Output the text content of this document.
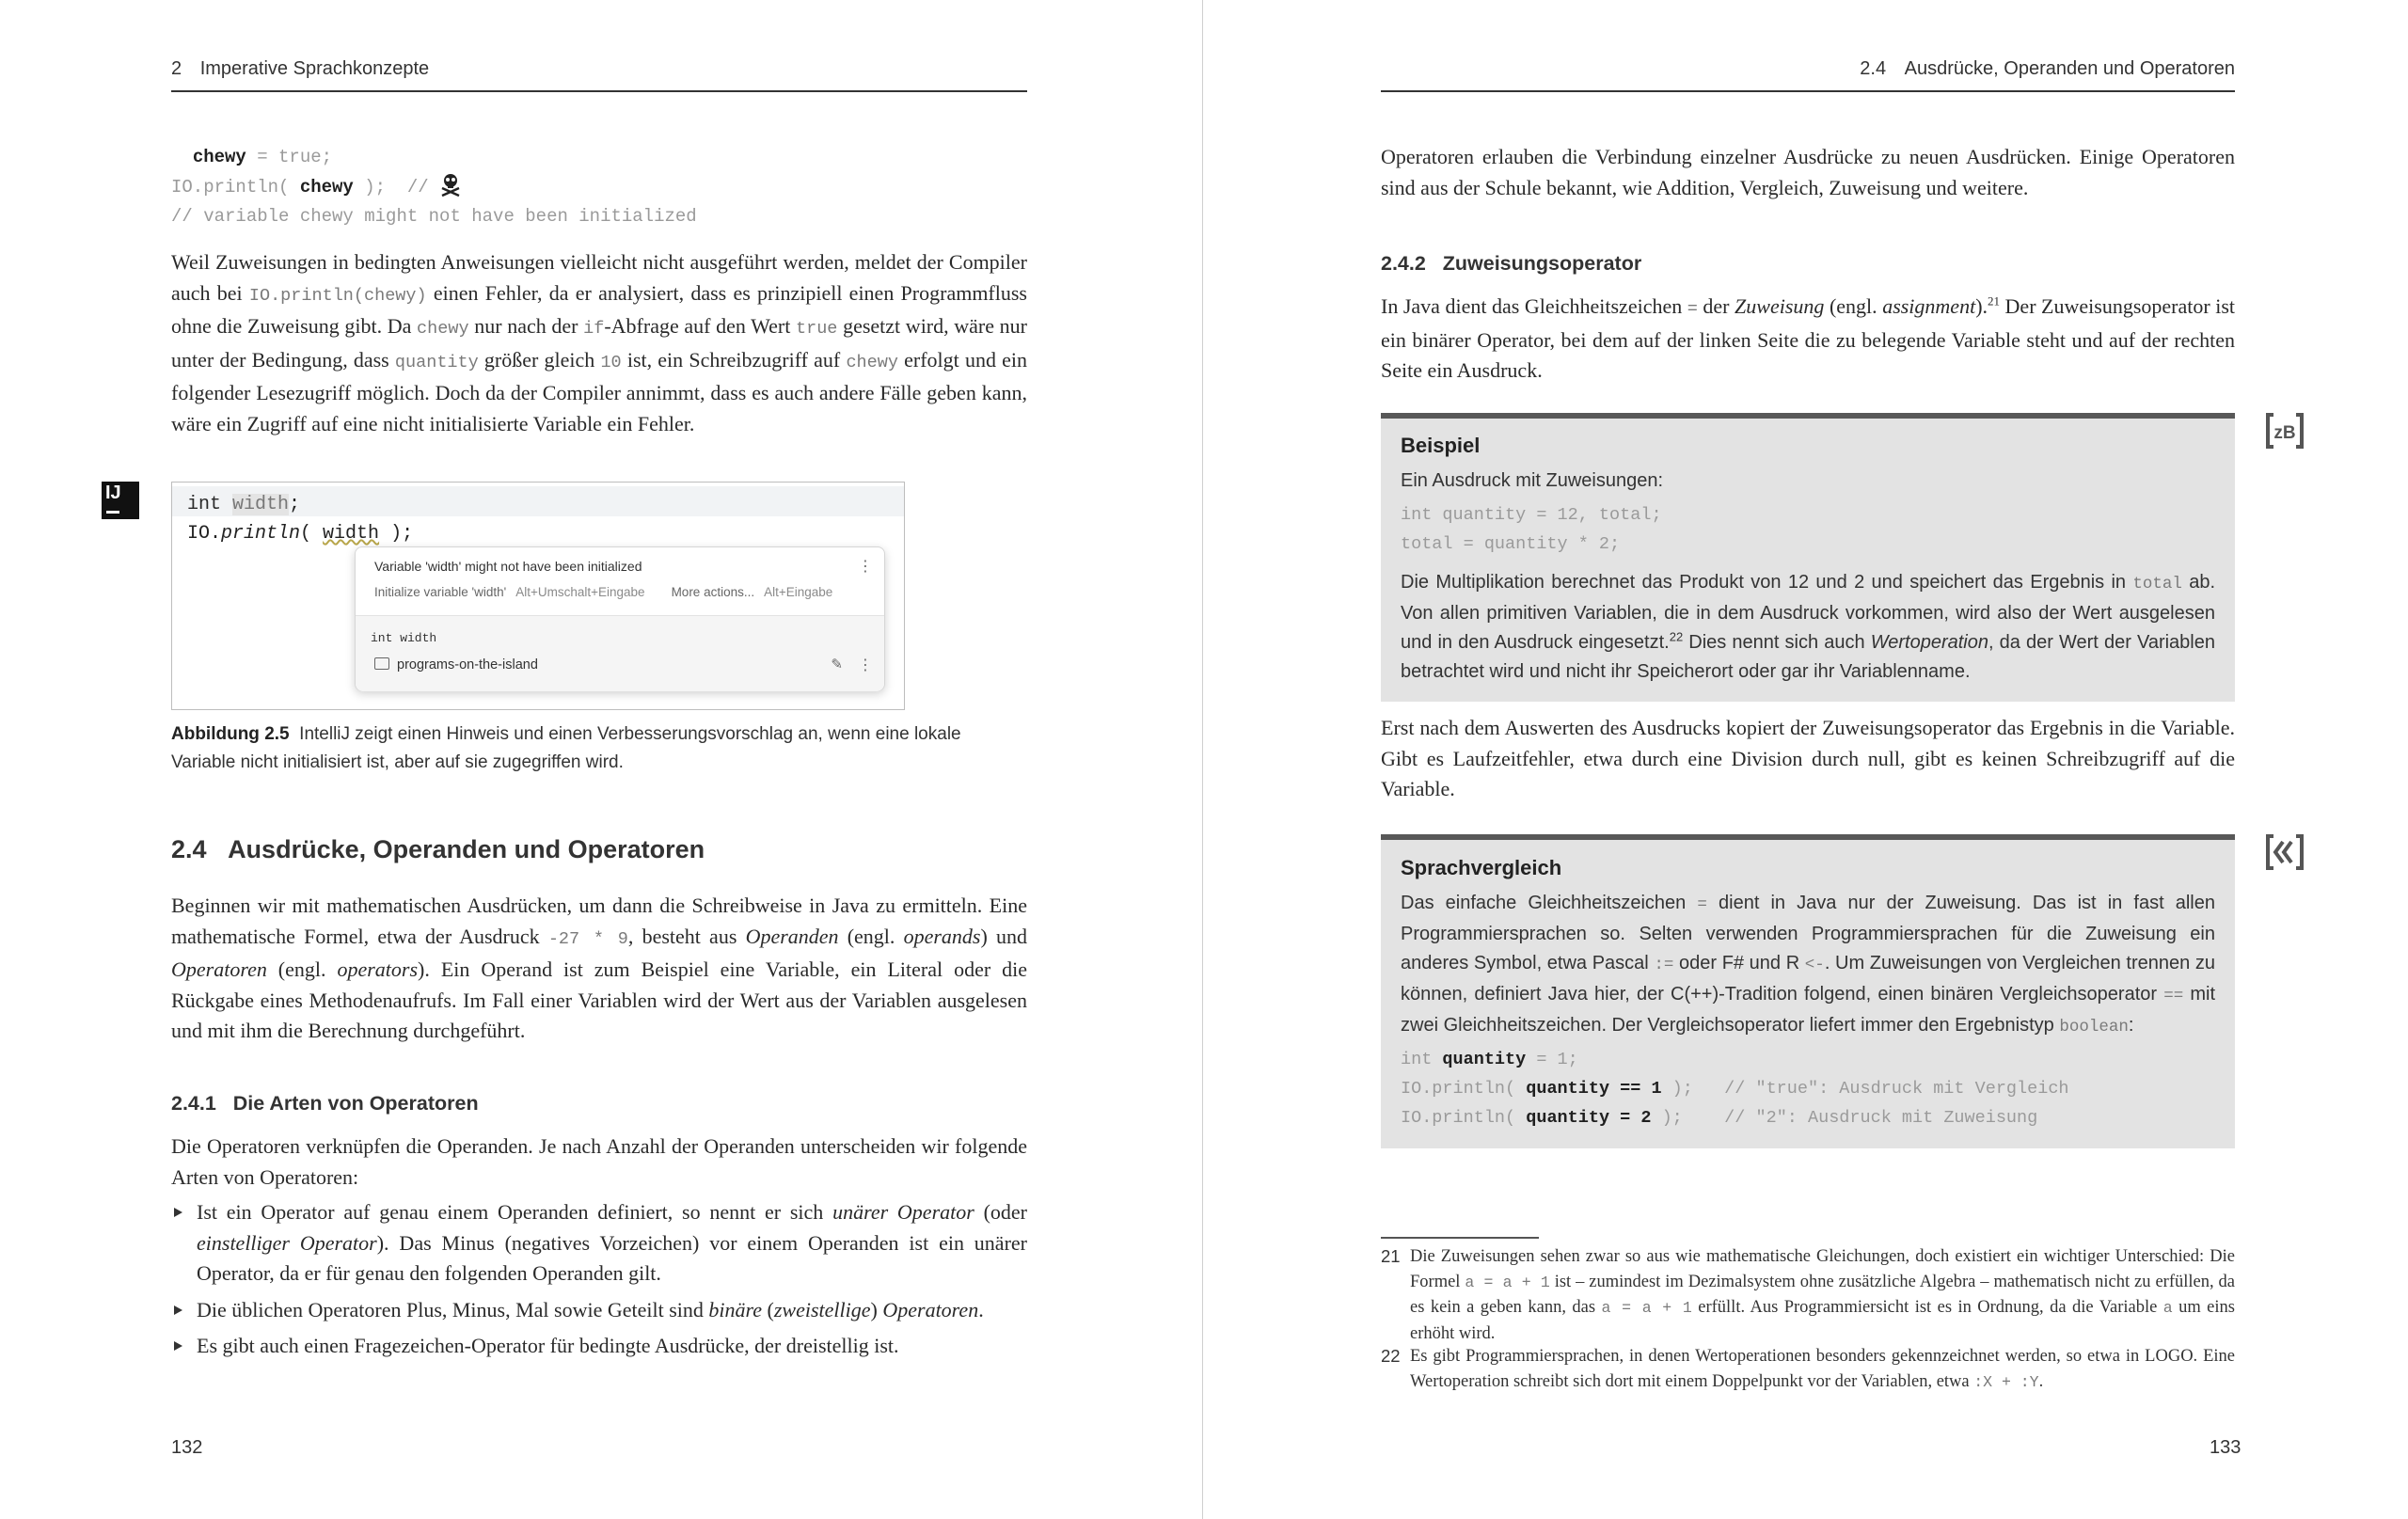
2 Imperative Sprachkonzepte
chewy = true;
IO.println( chewy );  //
// variable chewy might not have been initialized

Weil Zuweisungen in bedingten Anweisungen vielleicht nicht ausgeführt werden, meldet der Compiler auch bei IO.println(chewy) einen Fehler, da er analysiert, dass es prinzipiell einen Programmfluss ohne die Zuweisung gibt. Da chewy nur nach der if-Abfrage auf den Wert true gesetzt wird, wäre nur unter der Bedingung, dass quantity größer gleich 10 ist, ein Schreibzugriff auf chewy erfolgt und ein folgender Lesezugriff möglich. Doch da der Compiler annimmt, dass es auch andere Fälle geben kann, wäre ein Zugriff auf eine nicht initialisierte Variable ein Fehler.

IJ
int width;
IO.println( width );
Variable 'width' might not have been initialized	⋮
Initialize variable 'width' Alt+Umschalt+Eingabe More actions... Alt+Eingabe
int width
programs-on-the-island	✎ ⋮
Abbildung 2.5 IntelliJ zeigt einen Hinweis und einen Verbesserungsvorschlag an, wenn eine lokale Variable nicht initialisiert ist, aber auf sie zugegriffen wird.
2.4 Ausdrücke, Operanden und Operatoren

Beginnen wir mit mathematischen Ausdrücken, um dann die Schreibweise in Java zu ermitteln. Eine mathematische Formel, etwa der Ausdruck -27 * 9, besteht aus Operanden (engl. operands) und Operatoren (engl. operators). Ein Operand ist zum Beispiel eine Variable, ein Literal oder die Rückgabe eines Methodenaufrufs. Im Fall einer Variablen wird der Wert aus der Variablen ausgelesen und mit ihm die Berechnung durchgeführt.

2.4.1 Die Arten von Operatoren

Die Operatoren verknüpfen die Operanden. Je nach Anzahl der Operanden unterscheiden wir folgende Arten von Operatoren:

Ist ein Operator auf genau einem Operanden definiert, so nennt er sich unärer Operator (oder einstelliger Operator). Das Minus (negatives Vorzeichen) vor einem Operanden ist ein unärer Operator, da er für genau den folgenden Operanden gilt.
Die üblichen Operatoren Plus, Minus, Mal sowie Geteilt sind binäre (zweistellige) Operatoren.
Es gibt auch einen Fragezeichen-Operator für bedingte Ausdrücke, der dreistellig ist.
132
2.4 Ausdrücke, Operanden und Operatoren

Operatoren erlauben die Verbindung einzelner Ausdrücke zu neuen Ausdrücken. Einige Operatoren sind aus der Schule bekannt, wie Addition, Vergleich, Zuweisung und weitere.

2.4.2 Zuweisungsoperator

In Java dient das Gleichheitszeichen = der Zuweisung (engl. assignment).$^{21}$ Der Zuweisungsoperator ist ein binärer Operator, bei dem auf der linken Seite die zu belegende Variable steht und auf der rechten Seite ein Ausdruck.

Beispiel

Ein Ausdruck mit Zuweisungen:

int quantity = 12, total;
total = quantity * 2;

Die Multiplikation berechnet das Produkt von 12 und 2 und speichert das Ergebnis in total ab. Von allen primitiven Variablen, die in dem Ausdruck vorkommen, wird also der Wert ausgelesen und in den Ausdruck eingesetzt.$^{22}$ Dies nennt sich auch Wertoperation, da der Wert der Variablen betrachtet wird und nicht ihr Speicherort oder gar ihr Variablenname.

zB

Erst nach dem Auswerten des Ausdrucks kopiert der Zuweisungsoperator das Ergebnis in die Variable. Gibt es Laufzeitfehler, etwa durch eine Division durch null, gibt es keinen Schreibzugriff auf die Variable.

Sprachvergleich

Das einfache Gleichheitszeichen = dient in Java nur der Zuweisung. Das ist in fast allen Programmiersprachen so. Selten verwenden Programmiersprachen für die Zuweisung ein anderes Symbol, etwa Pascal := oder F# und R <-. Um Zuweisungen von Vergleichen trennen zu können, definiert Java hier, der C(++)-Tradition folgend, einen binären Vergleichsoperator == mit zwei Gleichheitszeichen. Der Vergleichsoperator liefert immer den Ergebnistyp boolean:

int quantity = 1;
IO.println( quantity == 1 );   // "true": Ausdruck mit Vergleich
IO.println( quantity = 2 );    // "2": Ausdruck mit Zuweisung
21 Die Zuweisungen sehen zwar so aus wie mathematische Gleichungen, doch existiert ein wichtiger Unterschied: Die Formel a = a + 1 ist – zumindest im Dezimalsystem ohne zusätzliche Algebra – mathematisch nicht zu erfüllen, da es kein a geben kann, das a = a + 1 erfüllt. Aus Programmiersicht ist es in Ordnung, da die Variable a um eins erhöht wird.
22 Es gibt Programmiersprachen, in denen Wertoperationen besonders gekennzeichnet werden, so etwa in LOGO. Eine Wertoperation schreibt sich dort mit einem Doppelpunkt vor der Variablen, etwa :X + :Y.
133
